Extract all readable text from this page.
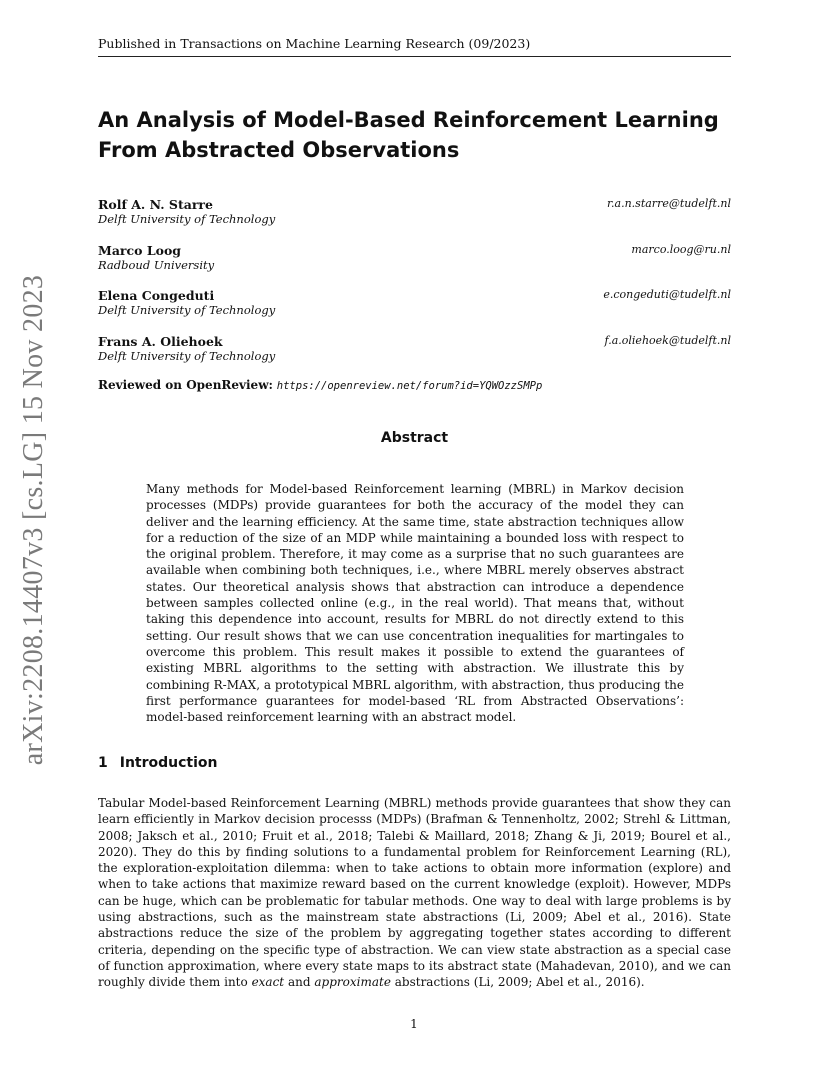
Published in Transactions on Machine Learning Research (09/2023)
arXiv:2208.14407v3 [cs.LG] 15 Nov 2023
An Analysis of Model-Based Reinforcement Learning From Abstracted Observations
Rolf A. N. Starre
Delft University of Technology
r.a.n.starre@tudelft.nl
Marco Loog
Radboud University
marco.loog@ru.nl
Elena Congeduti
Delft University of Technology
e.congeduti@tudelft.nl
Frans A. Oliehoek
Delft University of Technology
f.a.oliehoek@tudelft.nl
Reviewed on OpenReview: https://openreview.net/forum?id=YQWOzzSMPp
Abstract

Many methods for Model-based Reinforcement learning (MBRL) in Markov decision processes (MDPs) provide guarantees for both the accuracy of the model they can deliver and the learning efficiency. At the same time, state abstraction techniques allow for a reduction of the size of an MDP while maintaining a bounded loss with respect to the original problem. Therefore, it may come as a surprise that no such guarantees are available when combining both techniques, i.e., where MBRL merely observes abstract states. Our theoretical analysis shows that abstraction can introduce a dependence between samples collected online (e.g., in the real world). That means that, without taking this dependence into account, results for MBRL do not directly extend to this setting. Our result shows that we can use concentration inequalities for martingales to overcome this problem. This result makes it possible to extend the guarantees of existing MBRL algorithms to the setting with abstraction. We illustrate this by combining R-MAX, a prototypical MBRL algorithm, with abstraction, thus producing the first performance guarantees for model-based ‘RL from Abstracted Observations’: model-based reinforcement learning with an abstract model.

1 Introduction

Tabular Model-based Reinforcement Learning (MBRL) methods provide guarantees that show they can learn efficiently in Markov decision processs (MDPs) (Brafman & Tennenholtz, 2002; Strehl & Littman, 2008; Jaksch et al., 2010; Fruit et al., 2018; Talebi & Maillard, 2018; Zhang & Ji, 2019; Bourel et al., 2020). They do this by finding solutions to a fundamental problem for Reinforcement Learning (RL), the exploration-exploitation dilemma: when to take actions to obtain more information (explore) and when to take actions that maximize reward based on the current knowledge (exploit). However, MDPs can be huge, which can be problematic for tabular methods. One way to deal with large problems is by using abstractions, such as the mainstream state abstractions (Li, 2009; Abel et al., 2016). State abstractions reduce the size of the problem by aggregating together states according to different criteria, depending on the specific type of abstraction. We can view state abstraction as a special case of function approximation, where every state maps to its abstract state (Mahadevan, 2010), and we can roughly divide them into exact and approximate abstractions (Li, 2009; Abel et al., 2016).

1
